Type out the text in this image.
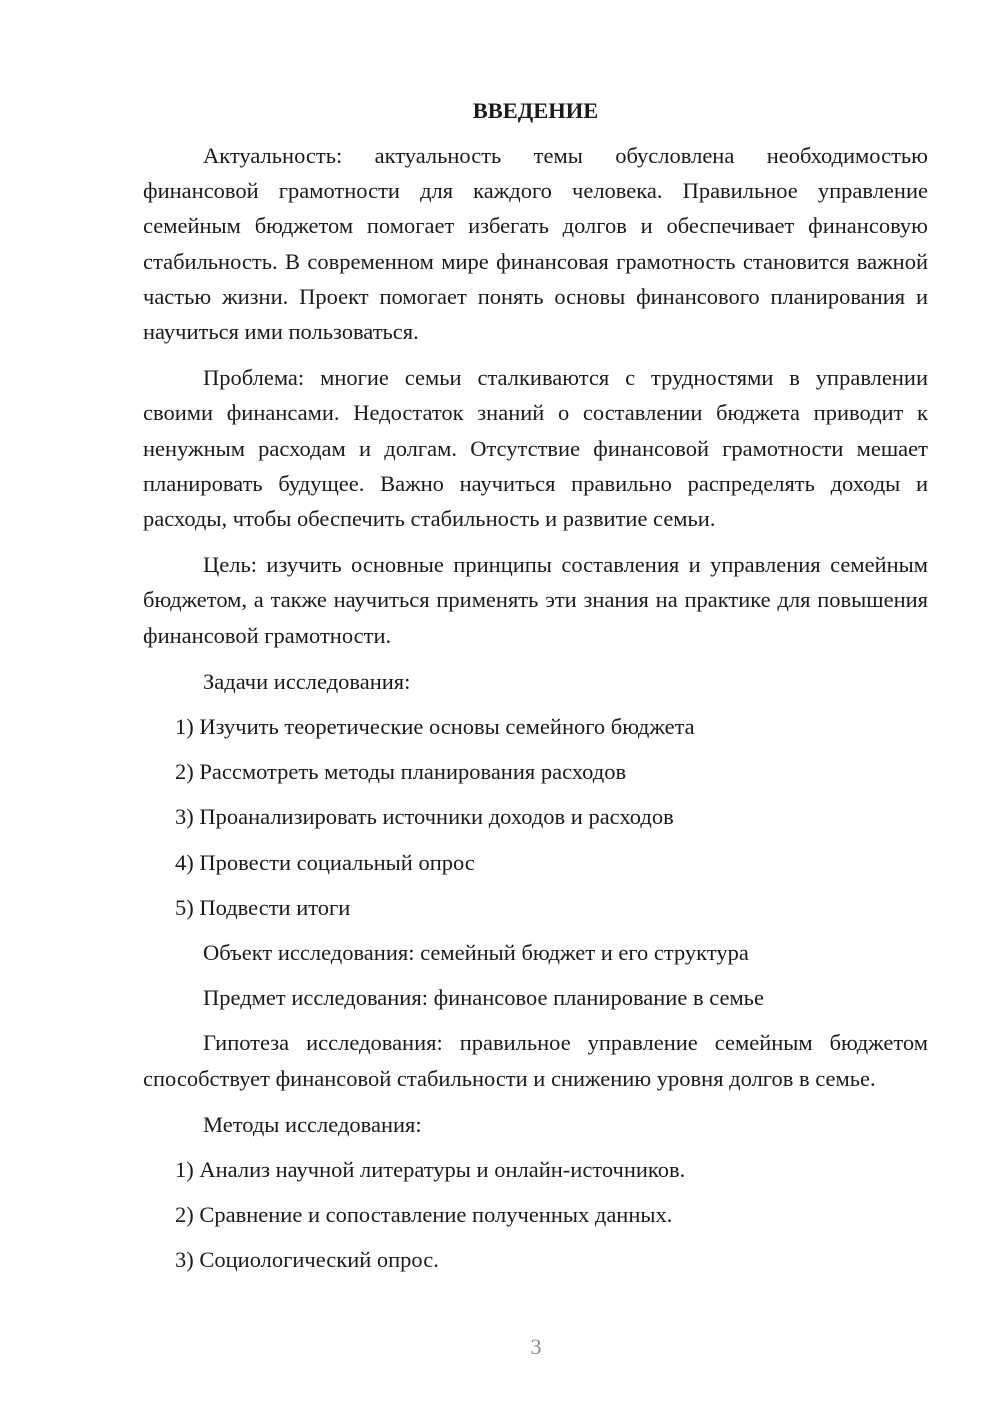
ВВЕДЕНИЕ

Актуальность: актуальность темы обусловлена необходимостью финансовой грамотности для каждого человека. Правильное управление семейным бюджетом помогает избегать долгов и обеспечивает финансовую стабильность. В современном мире финансовая грамотность становится важной частью жизни. Проект помогает понять основы финансового планирования и научиться ими пользоваться.

Проблема: многие семьи сталкиваются с трудностями в управлении своими финансами. Недостаток знаний о составлении бюджета приводит к ненужным расходам и долгам. Отсутствие финансовой грамотности мешает планировать будущее. Важно научиться правильно распределять доходы и расходы, чтобы обеспечить стабильность и развитие семьи.

Цель: изучить основные принципы составления и управления семейным бюджетом, а также научиться применять эти знания на практике для повышения финансовой грамотности.

Задачи исследования:
1) Изучить теоретические основы семейного бюджета
2) Рассмотреть методы планирования расходов
3) Проанализировать источники доходов и расходов
4) Провести социальный опрос
5) Подвести итоги
Объект исследования: семейный бюджет и его структура
Предмет исследования: финансовое планирование в семье

Гипотеза исследования: правильное управление семейным бюджетом способствует финансовой стабильности и снижению уровня долгов в семье.

Методы исследования:
1) Анализ научной литературы и онлайн-источников.
2) Сравнение и сопоставление полученных данных.
3) Социологический опрос.
3
